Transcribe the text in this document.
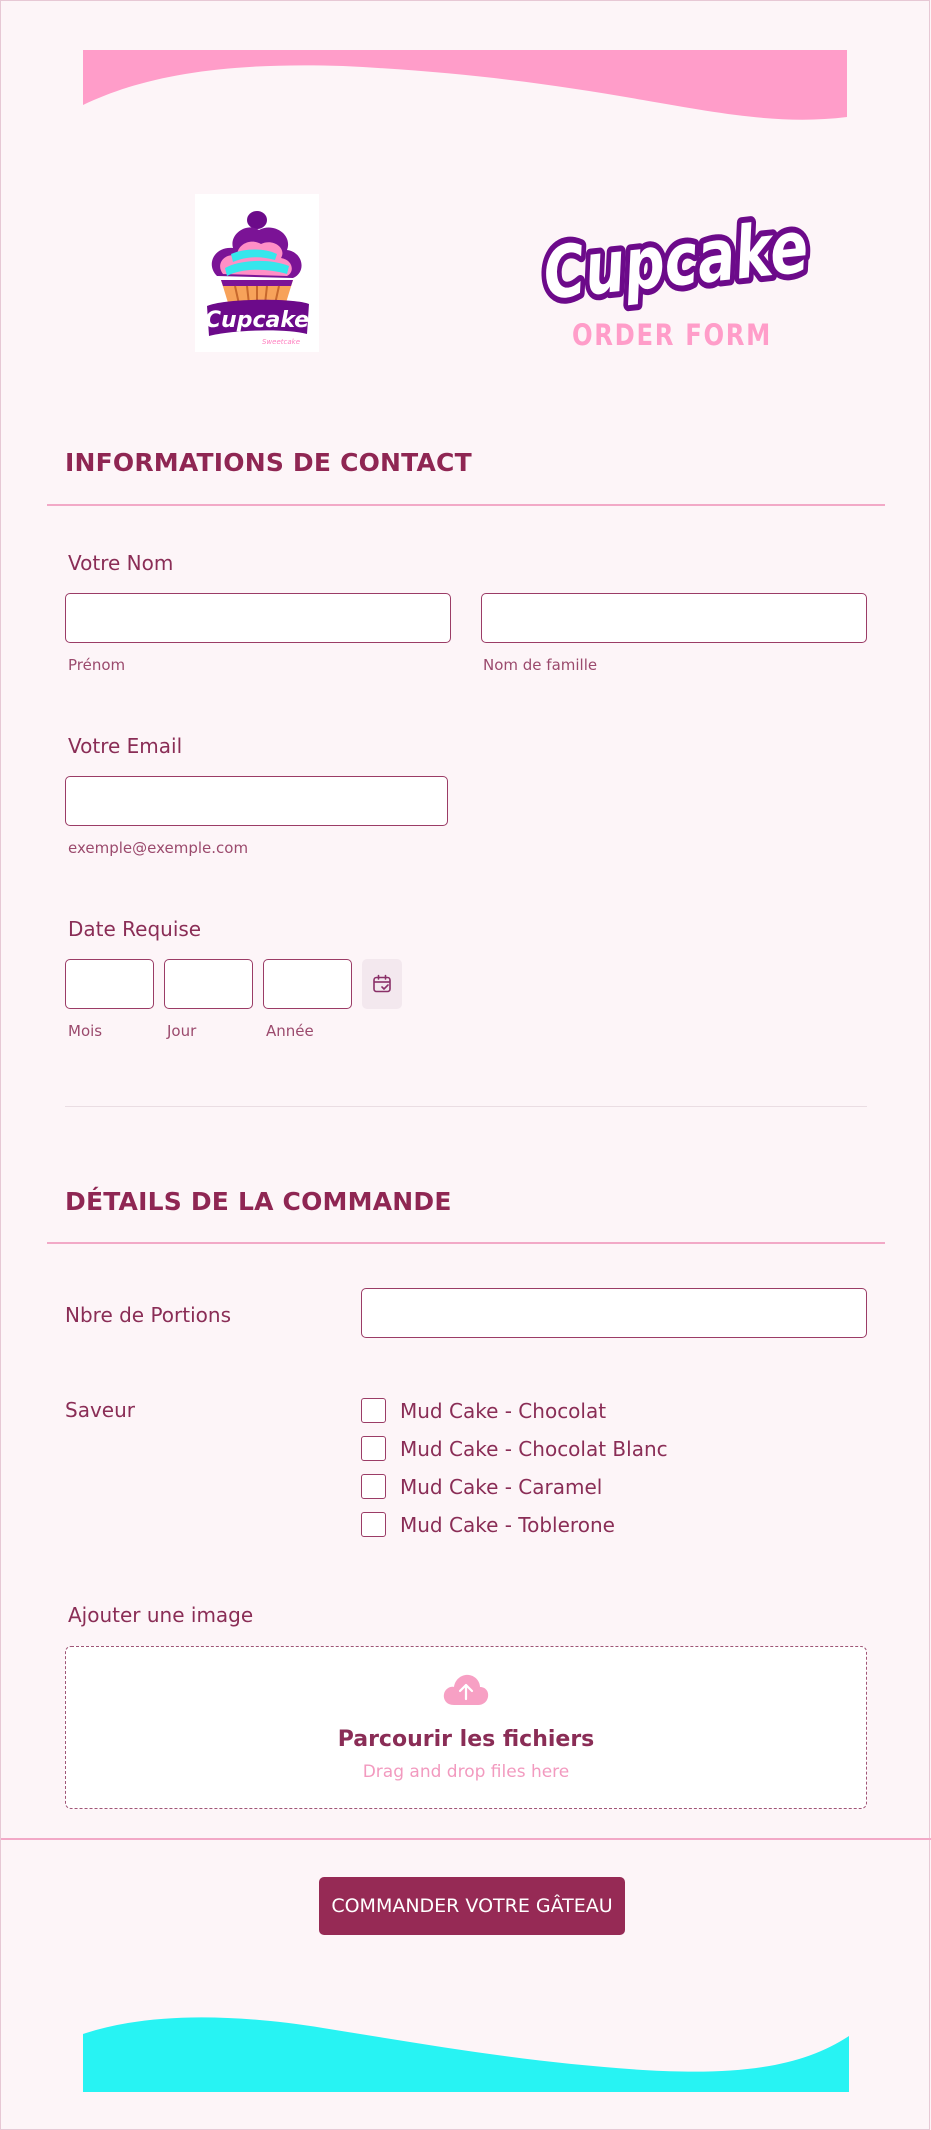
Cupcake
Sweetcake
Cupcake
ORDER FORM
INFORMATIONS DE CONTACT
Votre Nom
Prénom	Nom de famille
Votre Email
exemple@exemple.com
Date Requise
Mois	Jour	Année
DÉTAILS DE LA COMMANDE
Nbre de Portions
Saveur	Mud Cake - Chocolat
Mud Cake - Chocolat Blanc
Mud Cake - Caramel
Mud Cake - Toblerone
Ajouter une image
Parcourir les fichiers
Drag and drop files here
COMMANDER VOTRE GÂTEAU
